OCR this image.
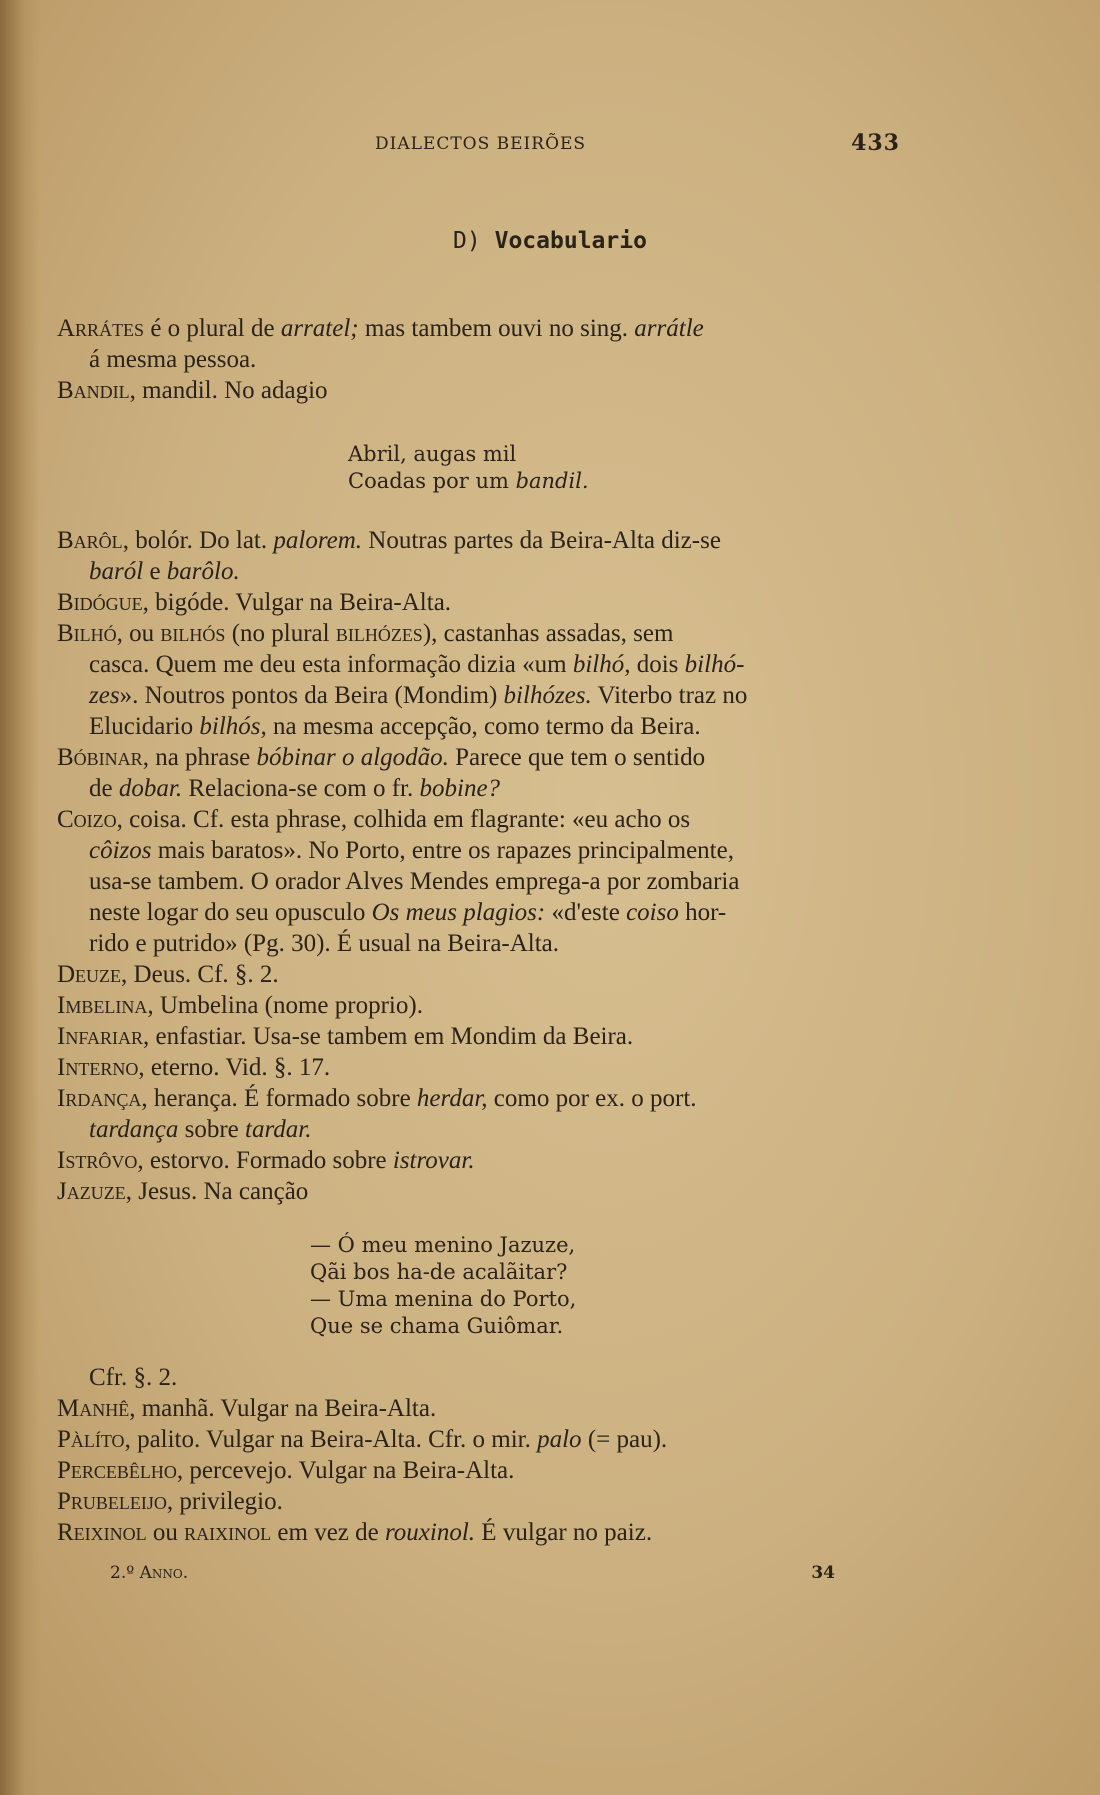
DIALECTOS BEIRÕES	433
D) Vocabulario
Arrátes é o plural de arratel; mas tambem ouvi no sing. arrátle
á mesma pessoa.
Bandil, mandil. No adagio
Abril, augas mil
Coadas por um bandil.
Barôl, bolór. Do lat. palorem. Noutras partes da Beira-Alta diz-se
baról e barôlo.
Bidógue, bigóde. Vulgar na Beira-Alta.
Bilhó, ou bilhós (no plural bilhózes), castanhas assadas, sem
casca. Quem me deu esta informação dizia «um bilhó, dois bilhó-
zes». Noutros pontos da Beira (Mondim) bilhózes. Viterbo traz no
Elucidario bilhós, na mesma accepção, como termo da Beira.
Bóbinar, na phrase bóbinar o algodão. Parece que tem o sentido
de dobar. Relaciona-se com o fr. bobine?
Coizo, coisa. Cf. esta phrase, colhida em flagrante: «eu acho os
côizos mais baratos». No Porto, entre os rapazes principalmente,
usa-se tambem. O orador Alves Mendes emprega-a por zombaria
neste logar do seu opusculo Os meus plagios: «d'este coiso hor-
rido e putrido» (Pg. 30). É usual na Beira-Alta.
Deuze, Deus. Cf. §. 2.
Imbelina, Umbelina (nome proprio).
Infariar, enfastiar. Usa-se tambem em Mondim da Beira.
Interno, eterno. Vid. §. 17.
Irdança, herança. É formado sobre herdar, como por ex. o port.
tardança sobre tardar.
Istrôvo, estorvo. Formado sobre istrovar.
Jazuze, Jesus. Na canção
— Ó meu menino Jazuze,
Qãi bos ha-de acalãitar?
— Uma menina do Porto,
Que se chama Guiômar.
Cfr. §. 2.
Manhê, manhã. Vulgar na Beira-Alta.
Pàlíto, palito. Vulgar na Beira-Alta. Cfr. o mir. palo (= pau).
Percebêlho, percevejo. Vulgar na Beira-Alta.
Prubeleijo, privilegio.
Reixinol ou raixinol em vez de rouxinol. É vulgar no paiz.
2.º Anno.	34
